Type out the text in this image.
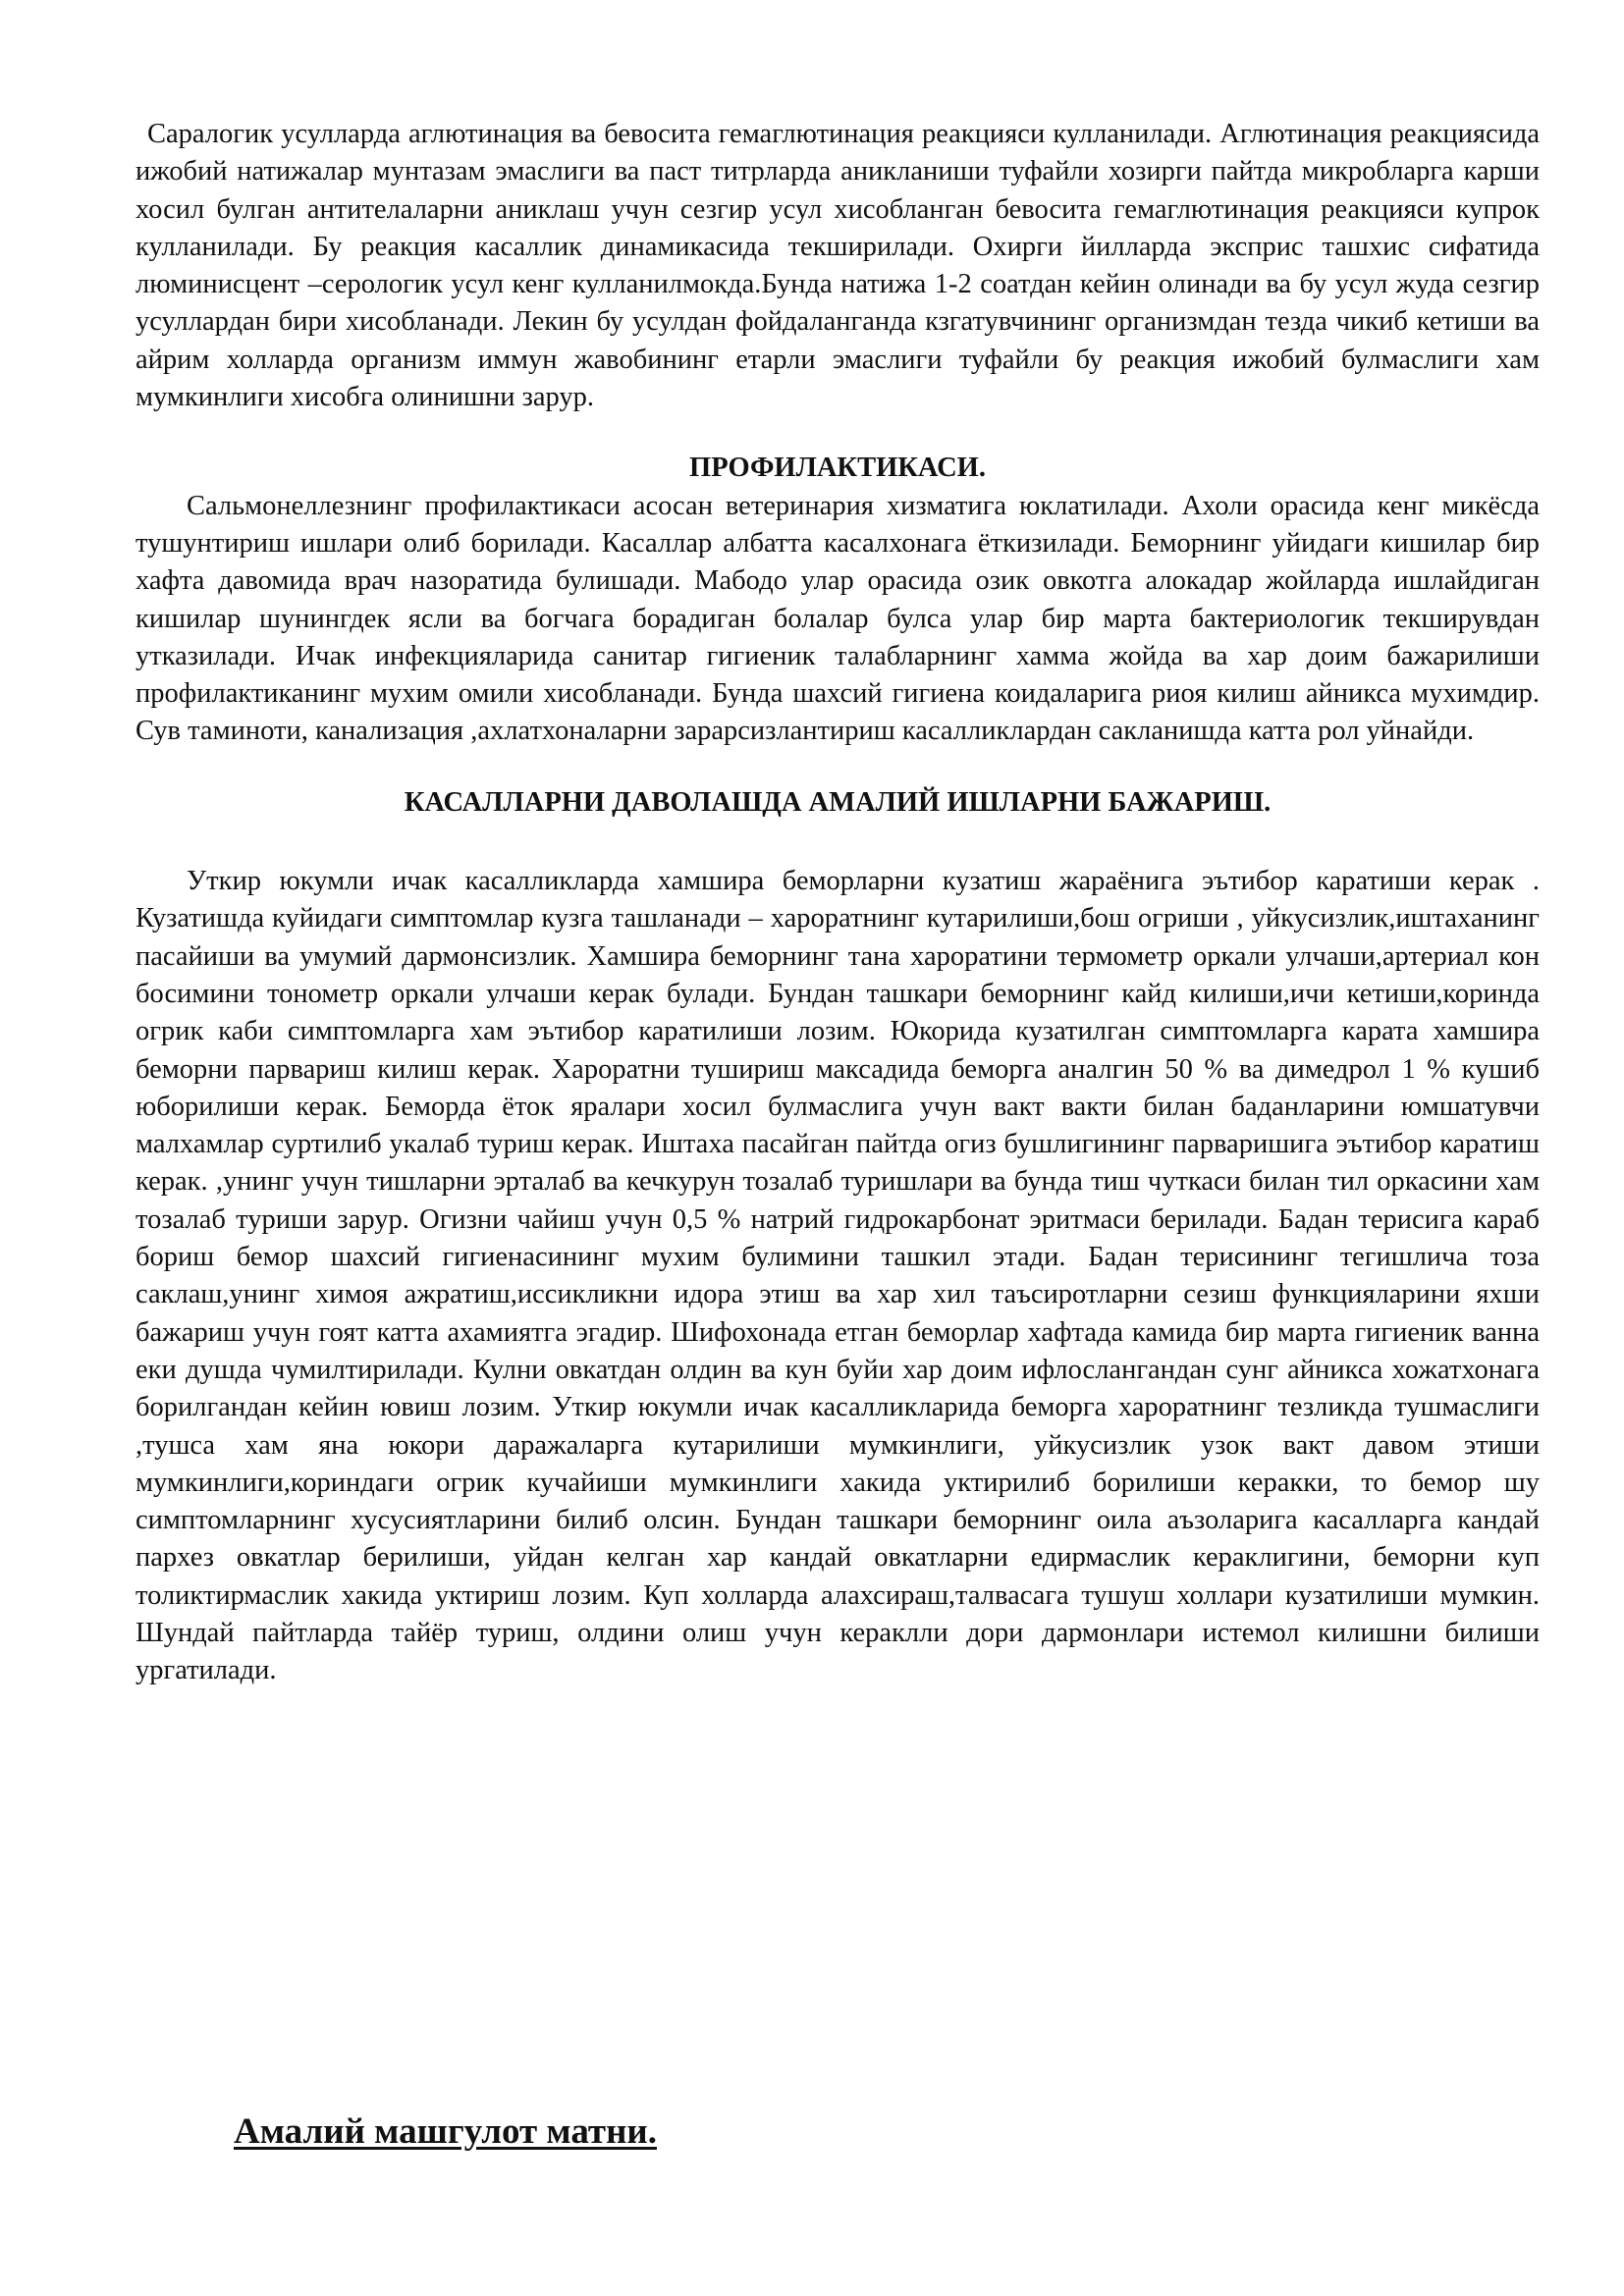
Саралогик усулларда аглютинация ва бевосита гемаглютинация реакцияси кулланилади. Аглютинация реакциясида ижобий натижалар мунтазам эмаслиги ва паст титрларда аникланиши туфайли хозирги пайтда микробларга карши хосил булган антителаларни аниклаш учун сезгир усул хисобланган бевосита гемаглютинация реакцияси купрок кулланилади. Бу реакция касаллик динамикасида текширилади. Охирги йилларда эксприс ташхис сифатида люминисцент –серологик усул кенг кулланилмокда.Бунда натижа 1-2 соатдан кейин олинади ва бу усул жуда сезгир усуллардан бири хисобланади. Лекин бу усулдан фойдаланганда кзгатувчининг организмдан тезда чикиб кетиши ва айрим холларда организм иммун жавобининг етарли эмаслиги туфайли бу реакция ижобий булмаслиги хам мумкинлиги хисобга олинишни зарур.

ПРОФИЛАКТИКАСИ.

Сальмонеллезнинг профилактикаси асосан ветеринария хизматига юклатилади. Ахоли орасида кенг микёсда тушунтириш ишлари олиб борилади. Касаллар албатта касалхонага ёткизилади. Беморнинг уйидаги кишилар бир хафта давомида врач назоратида булишади. Мабодо улар орасида озик овкотга алокадар жойларда ишлайдиган кишилар шунингдек ясли ва богчага борадиган болалар булса улар бир марта бактериологик текширувдан утказилади. Ичак инфекцияларида санитар гигиеник талабларнинг хамма жойда ва хар доим бажарилиши профилактиканинг мухим омили хисобланади. Бунда шахсий гигиена коидаларига риоя килиш айникса мухимдир. Сув таминоти, канализация ,ахлатхоналарни зарарсизлантириш касалликлардан сакланишда катта рол уйнайди.

КАСАЛЛАРНИ ДАВОЛАШДА АМАЛИЙ ИШЛАРНИ БАЖАРИШ.

Уткир юкумли ичак касалликларда хамшира беморларни кузатиш жараёнига эътибор каратиши керак . Кузатишда куйидаги симптомлар кузга ташланади – хароратнинг кутарилиши,бош огриши , уйкусизлик,иштаханинг пасайиши ва умумий дармонсизлик. Хамшира беморнинг тана хароратини термометр оркали улчаши,артериал кон босимини тонометр оркали улчаши керак булади. Бундан ташкари беморнинг кайд килиши,ичи кетиши,коринда огрик каби симптомларга хам эътибор каратилиши лозим. Юкорида кузатилган симптомларга карата хамшира беморни парвариш килиш керак. Хароратни тушириш максадида беморга аналгин 50 % ва димедрол 1 % кушиб юборилиши керак. Беморда ёток яралари хосил булмаслига учун вакт вакти билан баданларини юмшатувчи малхамлар суртилиб укалаб туриш керак. Иштаха пасайган пайтда огиз бушлигининг парваришига эътибор каратиш керак. ,унинг учун тишларни эрталаб ва кечкурун тозалаб туришлари ва бунда тиш чуткаси билан тил оркасини хам тозалаб туриши зарур. Огизни чайиш учун 0,5 % натрий гидрокарбонат эритмаси берилади. Бадан терисига караб бориш бемор шахсий гигиенасининг мухим булимини ташкил этади. Бадан терисининг тегишлича тоза саклаш,унинг химоя ажратиш,иссикликни идора этиш ва хар хил таъсиротларни сезиш функцияларини яхши бажариш учун гоят катта ахамиятга эгадир. Шифохонада етган беморлар хафтада камида бир марта гигиеник ванна еки душда чумилтирилади. Кулни овкатдан олдин ва кун буйи хар доим ифлослангандан сунг айникса хожатхонага борилгандан кейин ювиш лозим. Уткир юкумли ичак касалликларида беморга хароратнинг тезликда тушмаслиги ,тушса хам яна юкори даражаларга кутарилиши мумкинлиги, уйкусизлик узок вакт давом этиши мумкинлиги,кориндаги огрик кучайиши мумкинлиги хакида уктирилиб борилиши керакки, то бемор шу симптомларнинг хусусиятларини билиб олсин. Бундан ташкари беморнинг оила аъзоларига касалларга кандай пархез овкатлар берилиши, уйдан келган хар кандай овкатларни едирмаслик кераклигини, беморни куп толиктирмаслик хакида уктириш лозим. Куп холларда алахсираш,талвасага тушуш холлари кузатилиши мумкин. Шундай пайтларда тайёр туриш, олдини олиш учун кераклли дори дармонлари истемол килишни билиши ургатилади.

Амалий машгулот матни.
